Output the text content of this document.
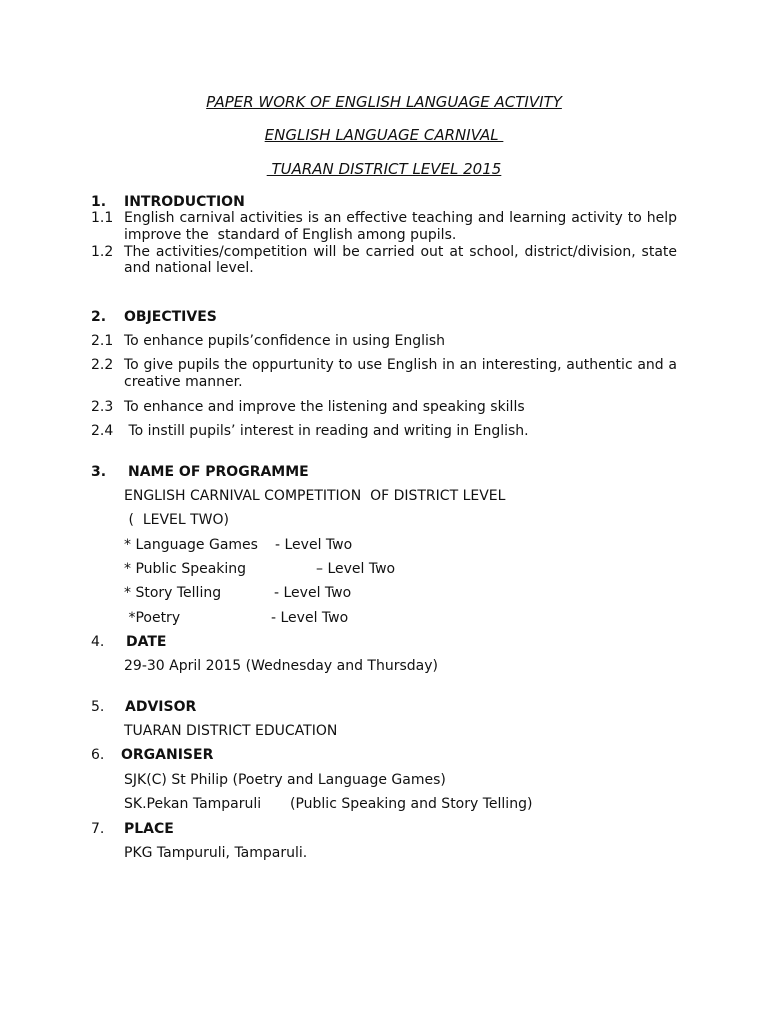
PAPER WORK OF ENGLISH LANGUAGE ACTIVITY
ENGLISH LANGUAGE CARNIVAL
TUARAN DISTRICT LEVEL 2015
1. INTRODUCTION
1.1 English carnival activities is an effective teaching and learning activity to help
improve the  standard of English among pupils.
1.2 The activities/competition will be carried out at school, district/division, state
and national level.
2. OBJECTIVES
2.1 To enhance pupils’confidence in using English
2.2 To give pupils the oppurtunity to use English in an interesting, authentic and a
creative manner.
2.3 To enhance and improve the listening and speaking skills
2.4 To instill pupils’ interest in reading and writing in English.
3. NAME OF PROGRAMME
ENGLISH CARNIVAL COMPETITION  OF DISTRICT LEVEL
(  LEVEL TWO)
* Language Games - Level Two
* Public Speaking	– Level Two
* Story Telling	- Level Two
*Poetry	- Level Two
4. DATE
29-30 April 2015 (Wednesday and Thursday)
5. ADVISOR
TUARAN DISTRICT EDUCATION
6. ORGANISER
SJK(C) St Philip (Poetry and Language Games)
SK.Pekan Tamparuli (Public Speaking and Story Telling)
7. PLACE
PKG Tampuruli, Tamparuli.
